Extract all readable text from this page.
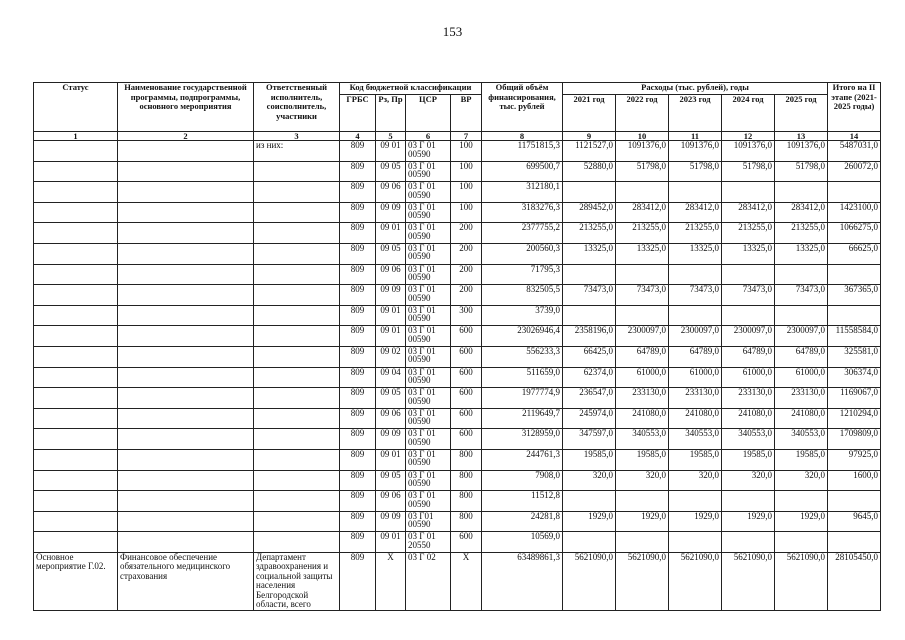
153
Статус	Наименование государственной программы, подпрограммы, основного мероприятия	Ответственный исполнитель, соисполнитель, участники	Код бюджетной классификации				Общий объём финансирования, тыс. рублей	Расходы (тыс. рублей), годы					Итого на II этапе (2021-2025 годы)
			ГРБС	Рз, Пр	ЦСР	ВР		2021 год	2022 год	2023 год	2024 год	2025 год	
1	2	3	4	5	6	7	8	9	10	11	12	13	14
		из них:	809	09 01	03 Г 01 00590	100	11751815,3	1121527,0	1091376,0	1091376,0	1091376,0	1091376,0	5487031,0
			809	09 05	03 Г 01 00590	100	699500,7	52880,0	51798,0	51798,0	51798,0	51798,0	260072,0
			809	09 06	03 Г 01 00590	100	312180,1						
			809	09 09	03 Г 01 00590	100	3183276,3	289452,0	283412,0	283412,0	283412,0	283412,0	1423100,0
			809	09 01	03 Г 01 00590	200	2377755,2	213255,0	213255,0	213255,0	213255,0	213255,0	1066275,0
			809	09 05	03 Г 01 00590	200	200560,3	13325,0	13325,0	13325,0	13325,0	13325,0	66625,0
			809	09 06	03 Г 01 00590	200	71795,3						
			809	09 09	03 Г 01 00590	200	832505,5	73473,0	73473,0	73473,0	73473,0	73473,0	367365,0
			809	09 01	03 Г 01 00590	300	3739,0						
			809	09 01	03 Г 01 00590	600	23026946,4	2358196,0	2300097,0	2300097,0	2300097,0	2300097,0	11558584,0
			809	09 02	03 Г 01 00590	600	556233,3	66425,0	64789,0	64789,0	64789,0	64789,0	325581,0
			809	09 04	03 Г 01 00590	600	511659,0	62374,0	61000,0	61000,0	61000,0	61000,0	306374,0
			809	09 05	03 Г 01 00590	600	1977774,9	236547,0	233130,0	233130,0	233130,0	233130,0	1169067,0
			809	09 06	03 Г 01 00590	600	2119649,7	245974,0	241080,0	241080,0	241080,0	241080,0	1210294,0
			809	09 09	03 Г 01 00590	600	3128959,0	347597,0	340553,0	340553,0	340553,0	340553,0	1709809,0
			809	09 01	03 Г 01 00590	800	244761,3	19585,0	19585,0	19585,0	19585,0	19585,0	97925,0
			809	09 05	03 Г 01 00590	800	7908,0	320,0	320,0	320,0	320,0	320,0	1600,0
			809	09 06	03 Г 01 00590	800	11512,8						
			809	09 09	03 Г01 00590	800	24281,8	1929,0	1929,0	1929,0	1929,0	1929,0	9645,0
			809	09 01	03 Г 01 20550	600	10569,0						
Основное мероприятие Г.02.	Финансовое обеспечение обязательного медицинского страхования	Департамент здравоохранения и социальной защиты населения Белгородской области, всего	809	Х	03 Г 02	Х	63489861,3	5621090,0	5621090,0	5621090,0	5621090,0	5621090,0	28105450,0
